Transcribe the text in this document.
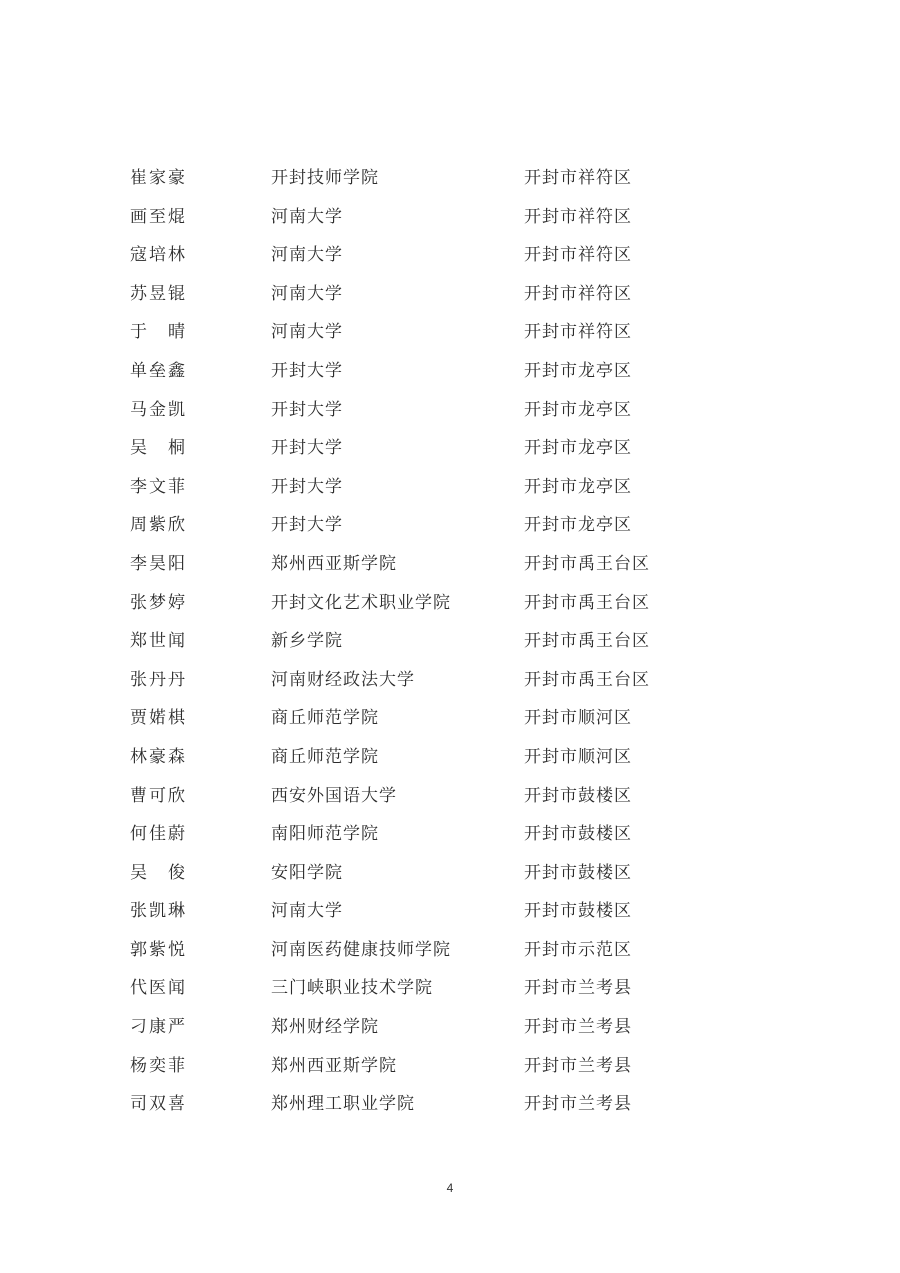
崔家豪	开封技师学院	开封市祥符区
画至焜	河南大学	开封市祥符区
寇培林	河南大学	开封市祥符区
苏昱锟	河南大学	开封市祥符区
于　晴	河南大学	开封市祥符区
单垒鑫	开封大学	开封市龙亭区
马金凯	开封大学	开封市龙亭区
吴　桐	开封大学	开封市龙亭区
李文菲	开封大学	开封市龙亭区
周紫欣	开封大学	开封市龙亭区
李昊阳	郑州西亚斯学院	开封市禹王台区
张梦婷	开封文化艺术职业学院	开封市禹王台区
郑世闻	新乡学院	开封市禹王台区
张丹丹	河南财经政法大学	开封市禹王台区
贾婼棋	商丘师范学院	开封市顺河区
林豪森	商丘师范学院	开封市顺河区
曹可欣	西安外国语大学	开封市鼓楼区
何佳蔚	南阳师范学院	开封市鼓楼区
吴　俊	安阳学院	开封市鼓楼区
张凯琳	河南大学	开封市鼓楼区
郭紫悦	河南医药健康技师学院	开封市示范区
代医闻	三门峡职业技术学院	开封市兰考县
刁康严	郑州财经学院	开封市兰考县
杨奕菲	郑州西亚斯学院	开封市兰考县
司双喜	郑州理工职业学院	开封市兰考县
4
